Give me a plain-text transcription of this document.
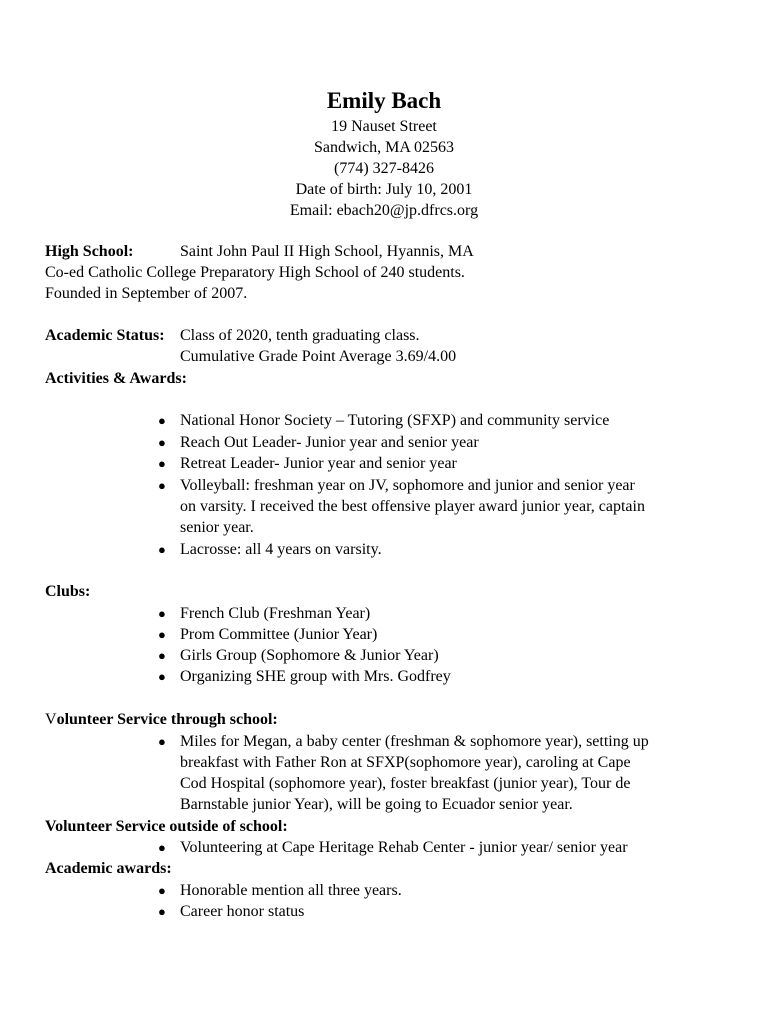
Emily Bach
19 Nauset Street
Sandwich, MA 02563
(774) 327-8426
Date of birth: July 10, 2001
Email: ebach20@jp.dfrcs.org
High School:	Saint John Paul II High School, Hyannis, MA
Co-ed Catholic College Preparatory High School of 240 students.
Founded in September of 2007.
Academic Status: Class of 2020, tenth graduating class.
Cumulative Grade Point Average 3.69/4.00
Activities & Awards:
● National Honor Society – Tutoring (SFXP) and community service
● Reach Out Leader- Junior year and senior year
● Retreat Leader- Junior year and senior year
● Volleyball: freshman year on JV, sophomore and junior and senior year
on varsity. I received the best offensive player award junior year, captain
senior year.
● Lacrosse: all 4 years on varsity.
Clubs:
● French Club (Freshman Year)
● Prom Committee (Junior Year)
● Girls Group (Sophomore & Junior Year)
● Organizing SHE group with Mrs. Godfrey
Volunteer Service through school:
● Miles for Megan, a baby center (freshman & sophomore year), setting up
breakfast with Father Ron at SFXP(sophomore year), caroling at Cape
Cod Hospital (sophomore year), foster breakfast (junior year), Tour de
Barnstable junior Year), will be going to Ecuador senior year.
Volunteer Service outside of school:
● Volunteering at Cape Heritage Rehab Center - junior year/ senior year
Academic awards:
● Honorable mention all three years.
● Career honor status
